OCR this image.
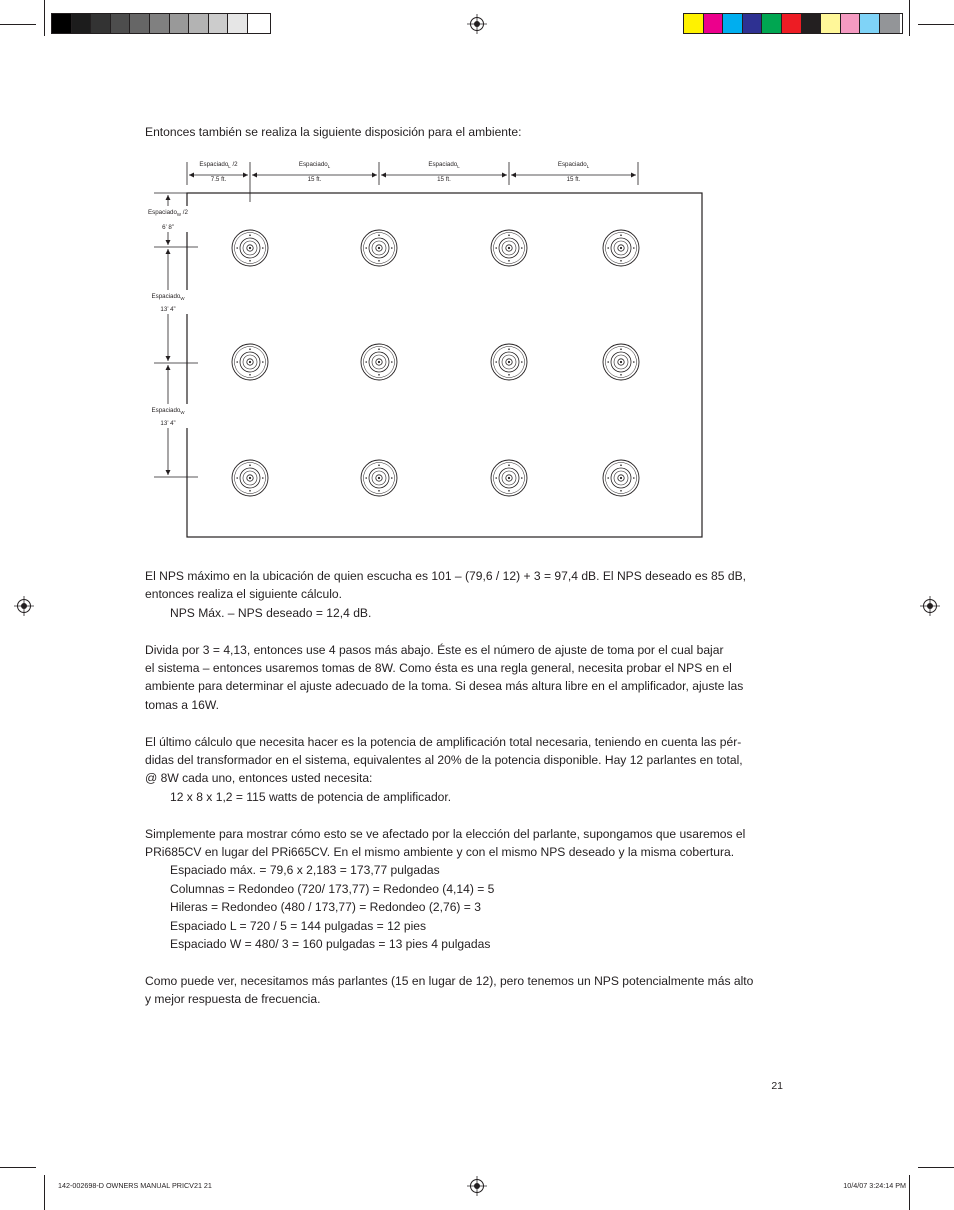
Entonces también se realiza la siguiente disposición para el ambiente:
Espaciado$_L$ /2
7.5 ft.
Espaciado$_L$
15 ft.
Espaciado$_L$
15 ft.
Espaciado$_L$
15 ft.
Espaciado$_W$ /2
6’ 8”
Espaciado$_W$
13’ 4”
Espaciado$_W$
13’ 4”

El NPS máximo en la ubicación de quien escucha es 101 – (79,6 / 12) + 3 = 97,4 dB. El NPS deseado es 85 dB,

entonces realiza el siguiente cálculo.

NPS Máx. – NPS deseado = 12,4 dB.

Divida por 3 = 4,13, entonces use 4 pasos más abajo. Éste es el número de ajuste de toma por el cual bajar

el sistema – entonces usaremos tomas de 8W. Como ésta es una regla general, necesita probar el NPS en el

ambiente para determinar el ajuste adecuado de la toma. Si desea más altura libre en el amplificador, ajuste las

tomas a 16W.

El último cálculo que necesita hacer es la potencia de amplificación total necesaria, teniendo en cuenta las pér-

didas del transformador en el sistema, equivalentes al 20% de la potencia disponible. Hay 12 parlantes en total,

@ 8W cada uno, entonces usted necesita:

12 x 8 x 1,2 = 115 watts de potencia de amplificador.

Simplemente para mostrar cómo esto se ve afectado por la elección del parlante, supongamos que usaremos el

PRi685CV en lugar del PRi665CV. En el mismo ambiente y con el mismo NPS deseado y la misma cobertura.

Espaciado máx. = 79,6 x 2,183 = 173,77 pulgadas

Columnas = Redondeo (720/ 173,77) = Redondeo (4,14) = 5

Hileras = Redondeo (480 / 173,77) = Redondeo (2,76) = 3

Espaciado L = 720 / 5 = 144 pulgadas = 12 pies

Espaciado W = 480/ 3 = 160 pulgadas = 13 pies 4 pulgadas

Como puede ver, necesitamos más parlantes (15 en lugar de 12), pero tenemos un NPS potencialmente más alto

y mejor respuesta de frecuencia.

21
142-002698-D OWNERS MANUAL PRICV21 21	10/4/07 3:24:14 PM
